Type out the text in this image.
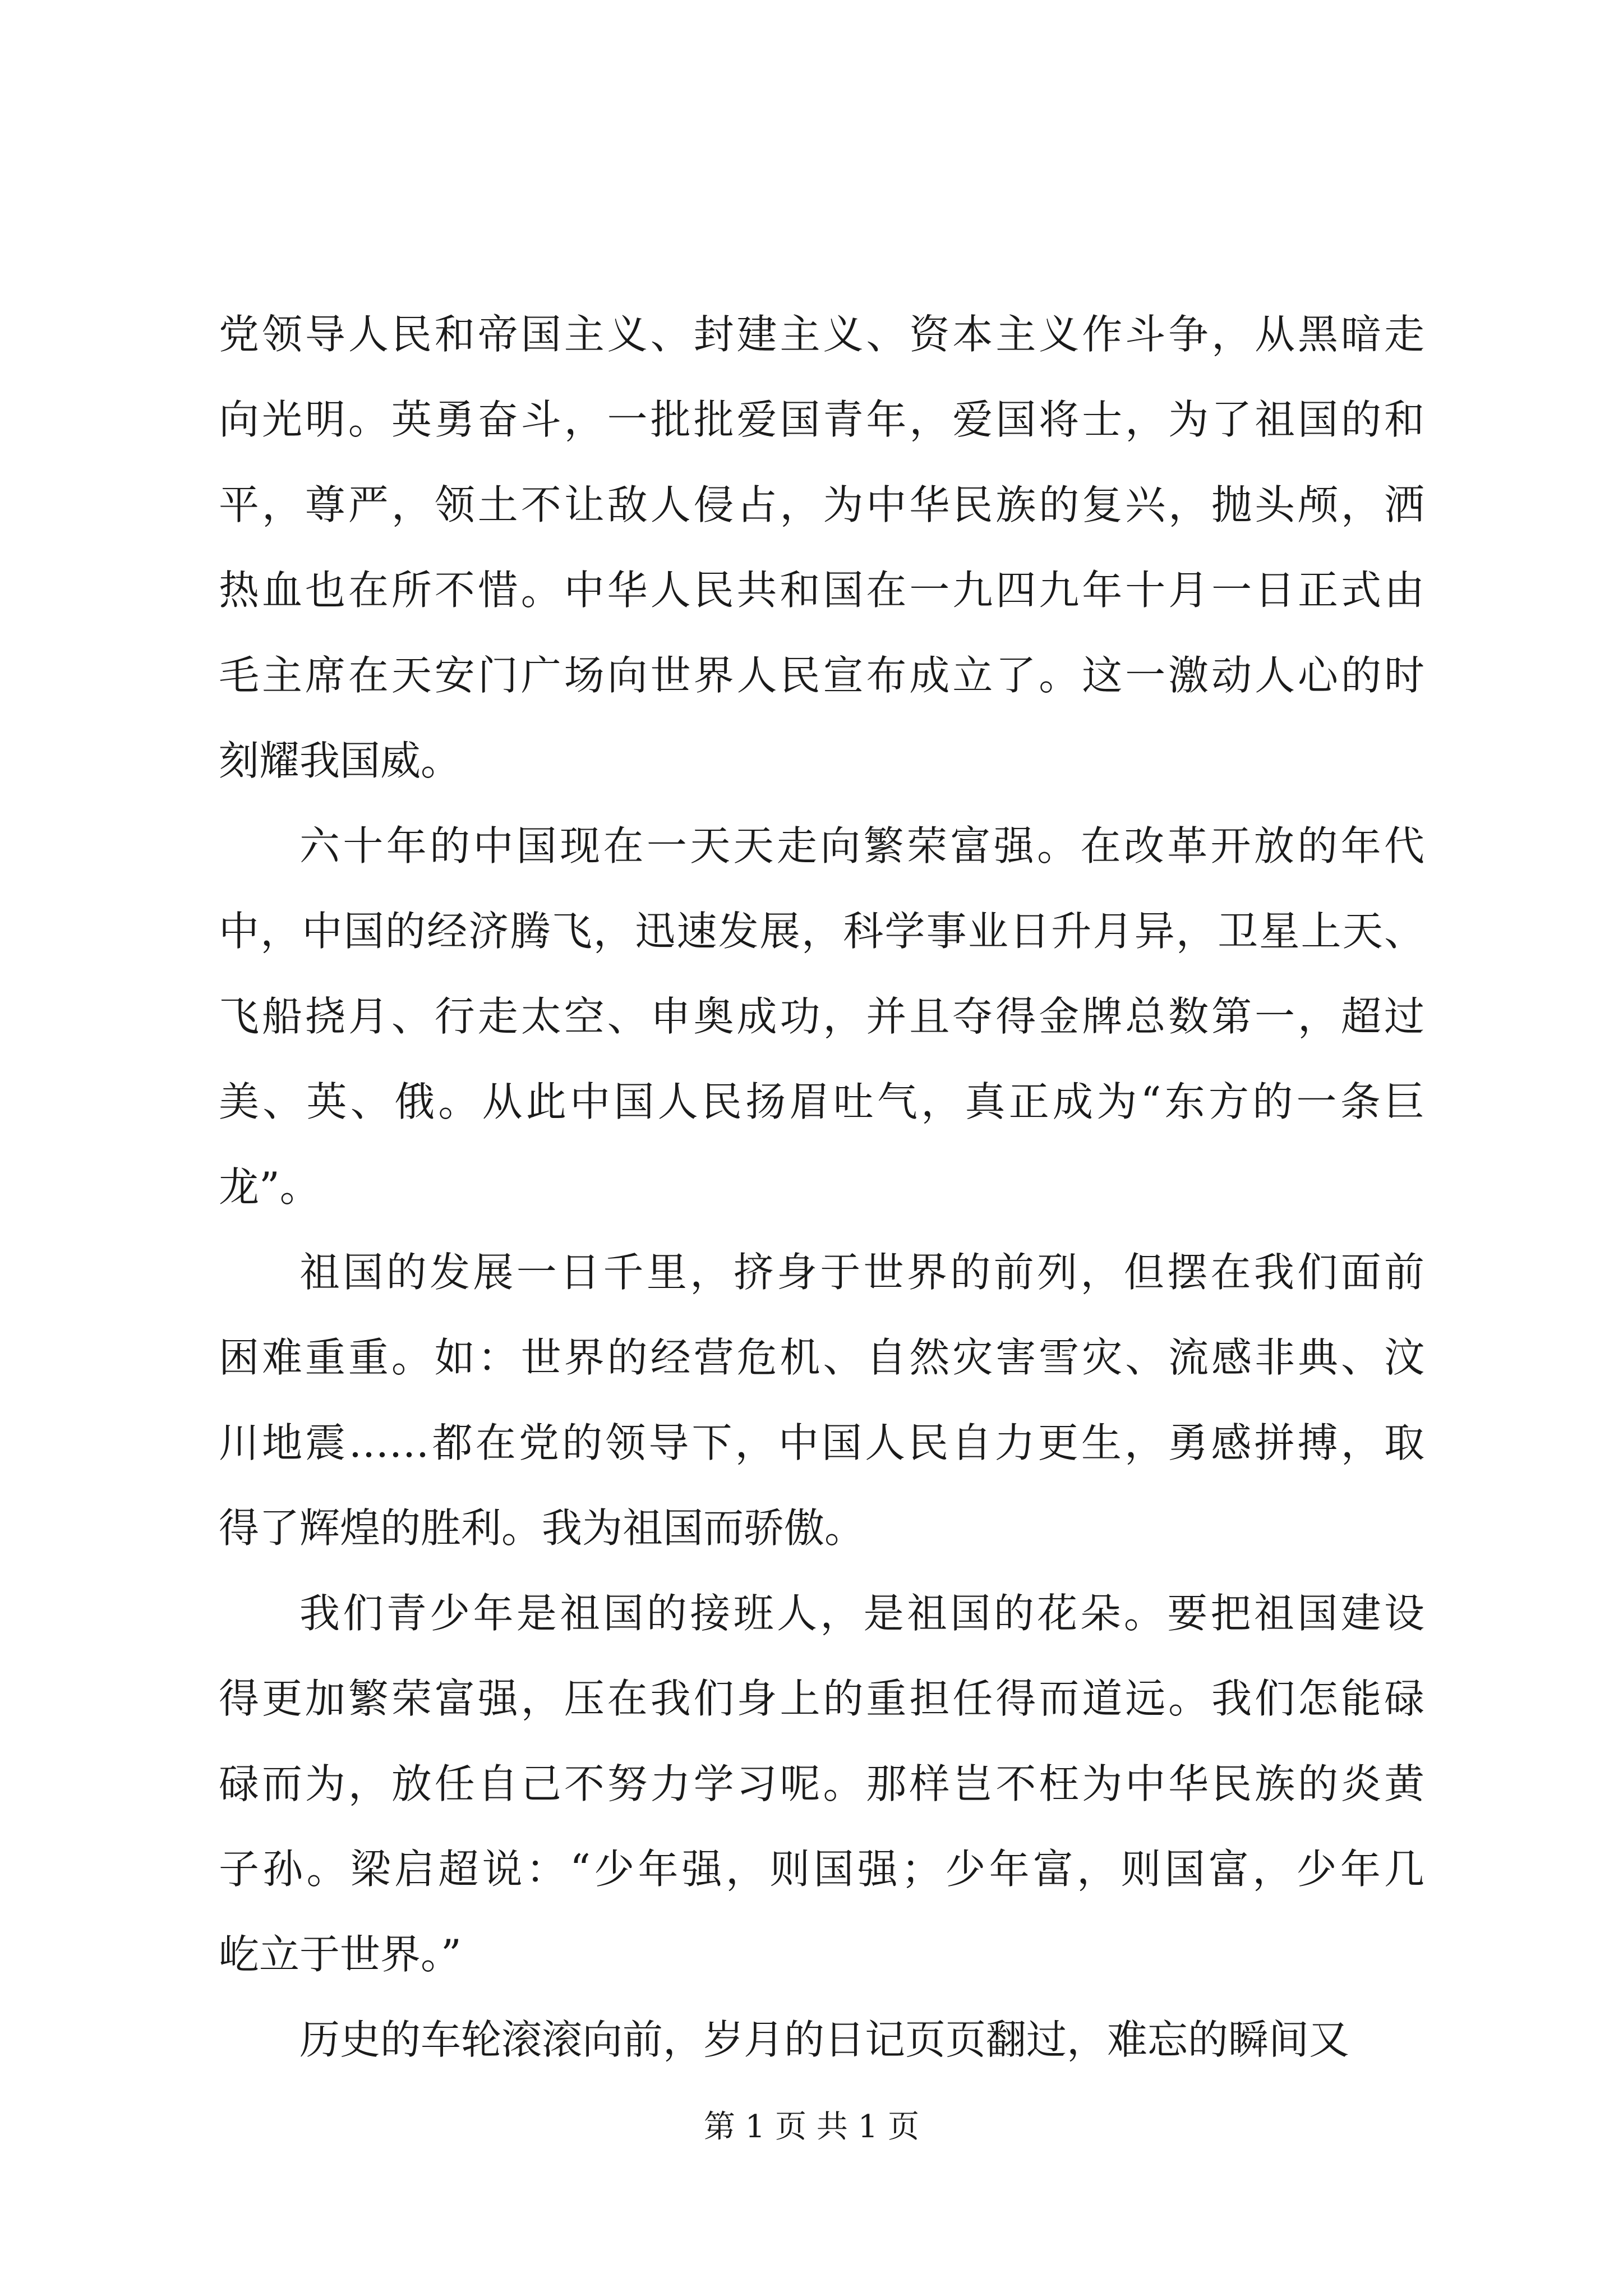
党领导人民和帝国主义、封建主义、资本主义作斗争，从黑暗走
向光明。英勇奋斗，一批批爱国青年，爱国将士，为了祖国的和
平，尊严，领土不让敌人侵占，为中华民族的复兴，抛头颅，洒
热血也在所不惜。中华人民共和国在一九四九年十月一日正式由
毛主席在天安门广场向世界人民宣布成立了。这一激动人心的时
刻耀我国威。
六十年的中国现在一天天走向繁荣富强。在改革开放的年代
中，中国的经济腾飞，迅速发展，科学事业日升月异，卫星上天、
飞船挠月、行走太空、申奥成功，并且夺得金牌总数第一，超过
美、英、俄。从此中国人民扬眉吐气，真正成为“东方的一条巨
龙”。
祖国的发展一日千里，挤身于世界的前列，但摆在我们面前
困难重重。如：世界的经营危机、自然灾害雪灾、流感非典、汶
川地震……都在党的领导下，中国人民自力更生，勇感拼搏，取
得了辉煌的胜利。我为祖国而骄傲。
我们青少年是祖国的接班人，是祖国的花朵。要把祖国建设
得更加繁荣富强，压在我们身上的重担任得而道远。我们怎能碌
碌而为，放任自己不努力学习呢。那样岂不枉为中华民族的炎黄
子孙。梁启超说：“少年强，则国强；少年富，则国富，少年几
屹立于世界。”
历史的车轮滚滚向前，岁月的日记页页翻过，难忘的瞬间又
第 1 页 共 1 页
